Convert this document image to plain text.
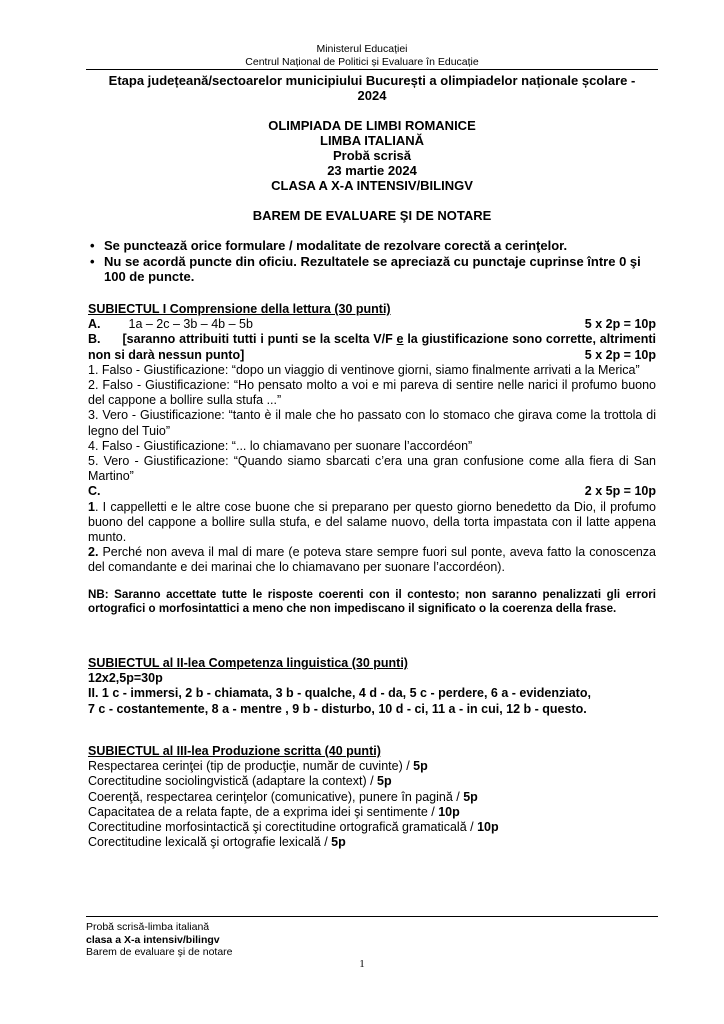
Ministerul Educației
Centrul Național de Politici și Evaluare în Educație
Etapa județeană/sectoarelor municipiului București a olimpiadelor naționale școlare -
2024
OLIMPIADA DE LIMBI ROMANICE
LIMBA ITALIANĂ
Probă scrisă
23 martie 2024
CLASA A X-A INTENSIV/BILINGV
BAREM DE EVALUARE ŞI DE NOTARE
• Se punctează orice formulare / modalitate de rezolvare corectă a cerinţelor.
• Nu se acordă puncte din oficiu. Rezultatele se apreciază cu punctaje cuprinse între 0 şi 100 de puncte.
SUBIECTUL I Comprensione della lettura (30 punti)
A. 1a – 2c – 3b – 4b – 5b	5 x 2p = 10p
B. [saranno attribuiti tutti i punti se la scelta V/F e la giustificazione sono corrette, altrimenti non si darà nessun punto]	5 x 2p = 10p
1. Falso - Giustificazione: “dopo un viaggio di ventinove giorni, siamo finalmente arrivati a la Merica”
2. Falso - Giustificazione: “Ho pensato molto a voi e mi pareva di sentire nelle narici il profumo buono del cappone a bollire sulla stufa ...”
3. Vero - Giustificazione: “tanto è il male che ho passato con lo stomaco che girava come la trottola di legno del Tuio”
4. Falso - Giustificazione: “... lo chiamavano per suonare l’accordéon”
5. Vero - Giustificazione: “Quando siamo sbarcati c’era una gran confusione come alla fiera di San Martino”
C.	2 x 5p = 10p
1. I cappelletti e le altre cose buone che si preparano per questo giorno benedetto da Dio, il profumo buono del cappone a bollire sulla stufa, e del salame nuovo, della torta impastata con il latte appena munto.
2. Perché non aveva il mal di mare (e poteva stare sempre fuori sul ponte, aveva fatto la conoscenza del comandante e dei marinai che lo chiamavano per suonare l’accordéon).
NB: Saranno accettate tutte le risposte coerenti con il contesto; non saranno penalizzati gli errori ortografici o morfosintattici a meno che non impediscano il significato o la coerenza della frase.
SUBIECTUL al II-lea Competenza linguistica (30 punti)
12x2,5p=30p
II. 1 c - immersi, 2 b - chiamata, 3 b - qualche, 4 d - da, 5 c - perdere, 6 a - evidenziato,
7 c - costantemente, 8 a - mentre , 9 b - disturbo, 10 d - ci, 11 a - in cui, 12 b - questo.
SUBIECTUL al III-lea Produzione scritta (40 punti)
Respectarea cerinţei (tip de producţie, număr de cuvinte) / 5p
Corectitudine sociolingvistică (adaptare la context) / 5p
Coerenţă, respectarea cerinţelor (comunicative), punere în pagină / 5p
Capacitatea de a relata fapte, de a exprima idei şi sentimente / 10p
Corectitudine morfosintactică şi corectitudine ortografică gramaticală / 10p
Corectitudine lexicală şi ortografie lexicală / 5p
Probă scrisă-limba italiană
clasa a X-a intensiv/bilingv
Barem de evaluare şi de notare
1
